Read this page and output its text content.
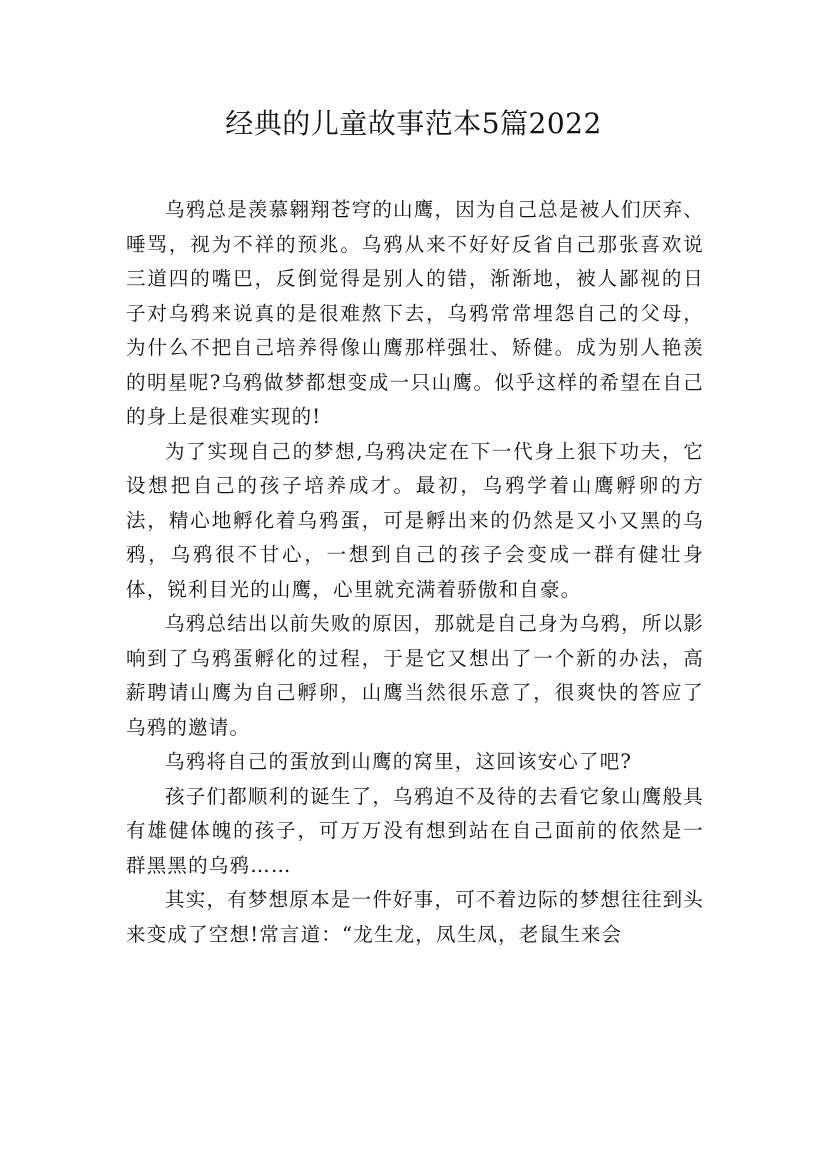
经典的儿童故事范本5篇2022

乌鸦总是羡慕翱翔苍穹的山鹰，因为自己总是被人们厌弃、唾骂，视为不祥的预兆。乌鸦从来不好好反省自己那张喜欢说三道四的嘴巴，反倒觉得是别人的错，渐渐地，被人鄙视的日子对乌鸦来说真的是很难熬下去，乌鸦常常埋怨自己的父母，为什么不把自己培养得像山鹰那样强壮、矫健。成为别人艳羡的明星呢?乌鸦做梦都想变成一只山鹰。似乎这样的希望在自己的身上是很难实现的!

为了实现自己的梦想,乌鸦决定在下一代身上狠下功夫，它设想把自己的孩子培养成才。最初，乌鸦学着山鹰孵卵的方法，精心地孵化着乌鸦蛋，可是孵出来的仍然是又小又黑的乌鸦，乌鸦很不甘心，一想到自己的孩子会变成一群有健壮身体，锐利目光的山鹰，心里就充满着骄傲和自豪。

乌鸦总结出以前失败的原因，那就是自己身为乌鸦，所以影响到了乌鸦蛋孵化的过程，于是它又想出了一个新的办法，高薪聘请山鹰为自己孵卵，山鹰当然很乐意了，很爽快的答应了乌鸦的邀请。

乌鸦将自己的蛋放到山鹰的窝里，这回该安心了吧?

孩子们都顺利的诞生了，乌鸦迫不及待的去看它象山鹰般具有雄健体魄的孩子，可万万没有想到站在自己面前的依然是一群黑黑的乌鸦……

其实，有梦想原本是一件好事，可不着边际的梦想往往到头来变成了空想!常言道：“龙生龙，凤生凤，老鼠生来会
